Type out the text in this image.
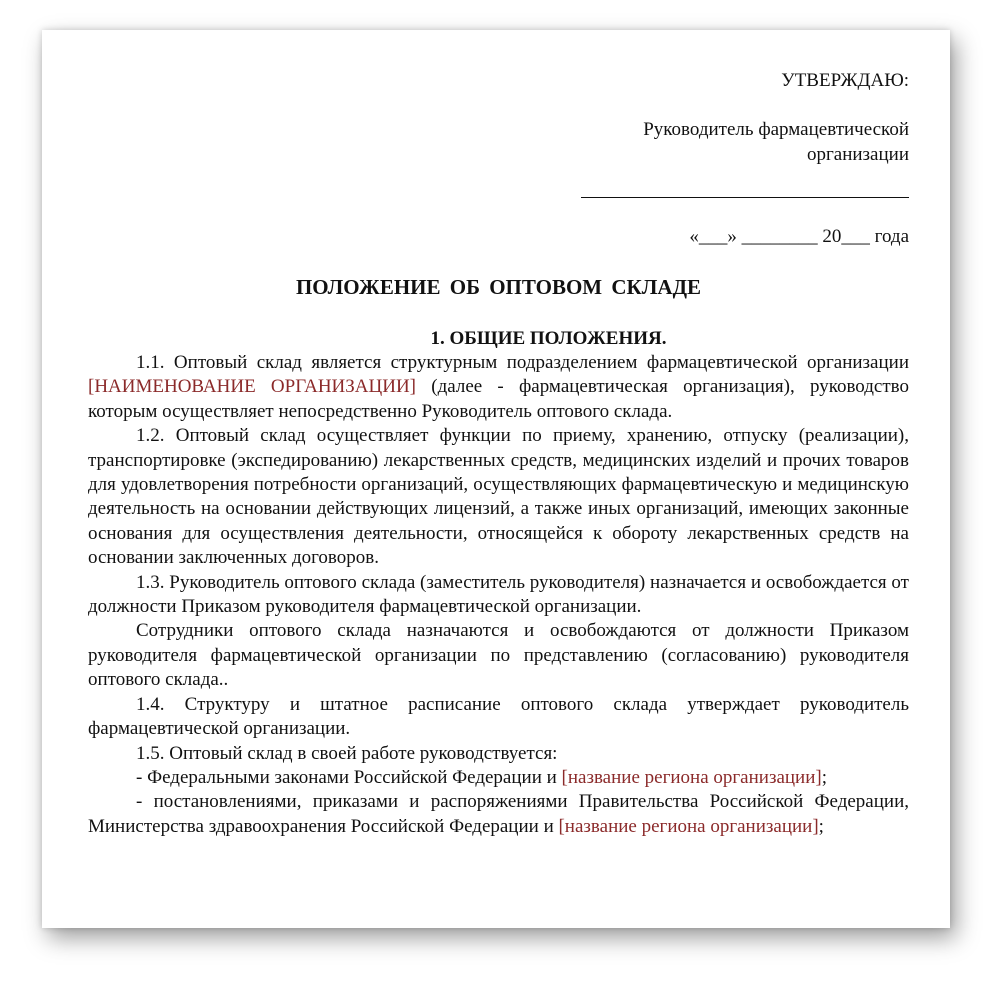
УТВЕРЖДАЮ:
Руководитель фармацевтической
организации
«___» ________ 20___ года
ПОЛОЖЕНИЕ ОБ ОПТОВОМ СКЛАДЕ
1. ОБЩИЕ ПОЛОЖЕНИЯ.

1.1. Оптовый склад является структурным подразделением фармацевтической организации [НАИМЕНОВАНИЕ ОРГАНИЗАЦИИ] (далее - фармацевтическая организация), руководство которым осуществляет непосредственно Руководитель оптового склада.

1.2. Оптовый склад осуществляет функции по приему, хранению, отпуску (реализации), транспортировке (экспедированию) лекарственных средств, медицинских изделий и прочих товаров для удовлетворения потребности организаций, осуществляющих фармацевтическую и медицинскую деятельность на основании действующих лицензий, а также иных организаций, имеющих законные основания для осуществления деятельности, относящейся к обороту лекарственных средств на основании заключенных договоров.

1.3. Руководитель оптового склада (заместитель руководителя) назначается и освобождается от должности Приказом руководителя фармацевтической организации.

Сотрудники оптового склада назначаются и освобождаются от должности Приказом руководителя фармацевтической организации по представлению (согласованию) руководителя оптового склада..

1.4. Структуру и штатное расписание оптового склада утверждает руководитель фармацевтической организации.

1.5. Оптовый склад в своей работе руководствуется:

- Федеральными законами Российской Федерации и [название региона организации];

- постановлениями, приказами и распоряжениями Правительства Российской Федерации, Министерства здравоохранения Российской Федерации и [название региона организации];
